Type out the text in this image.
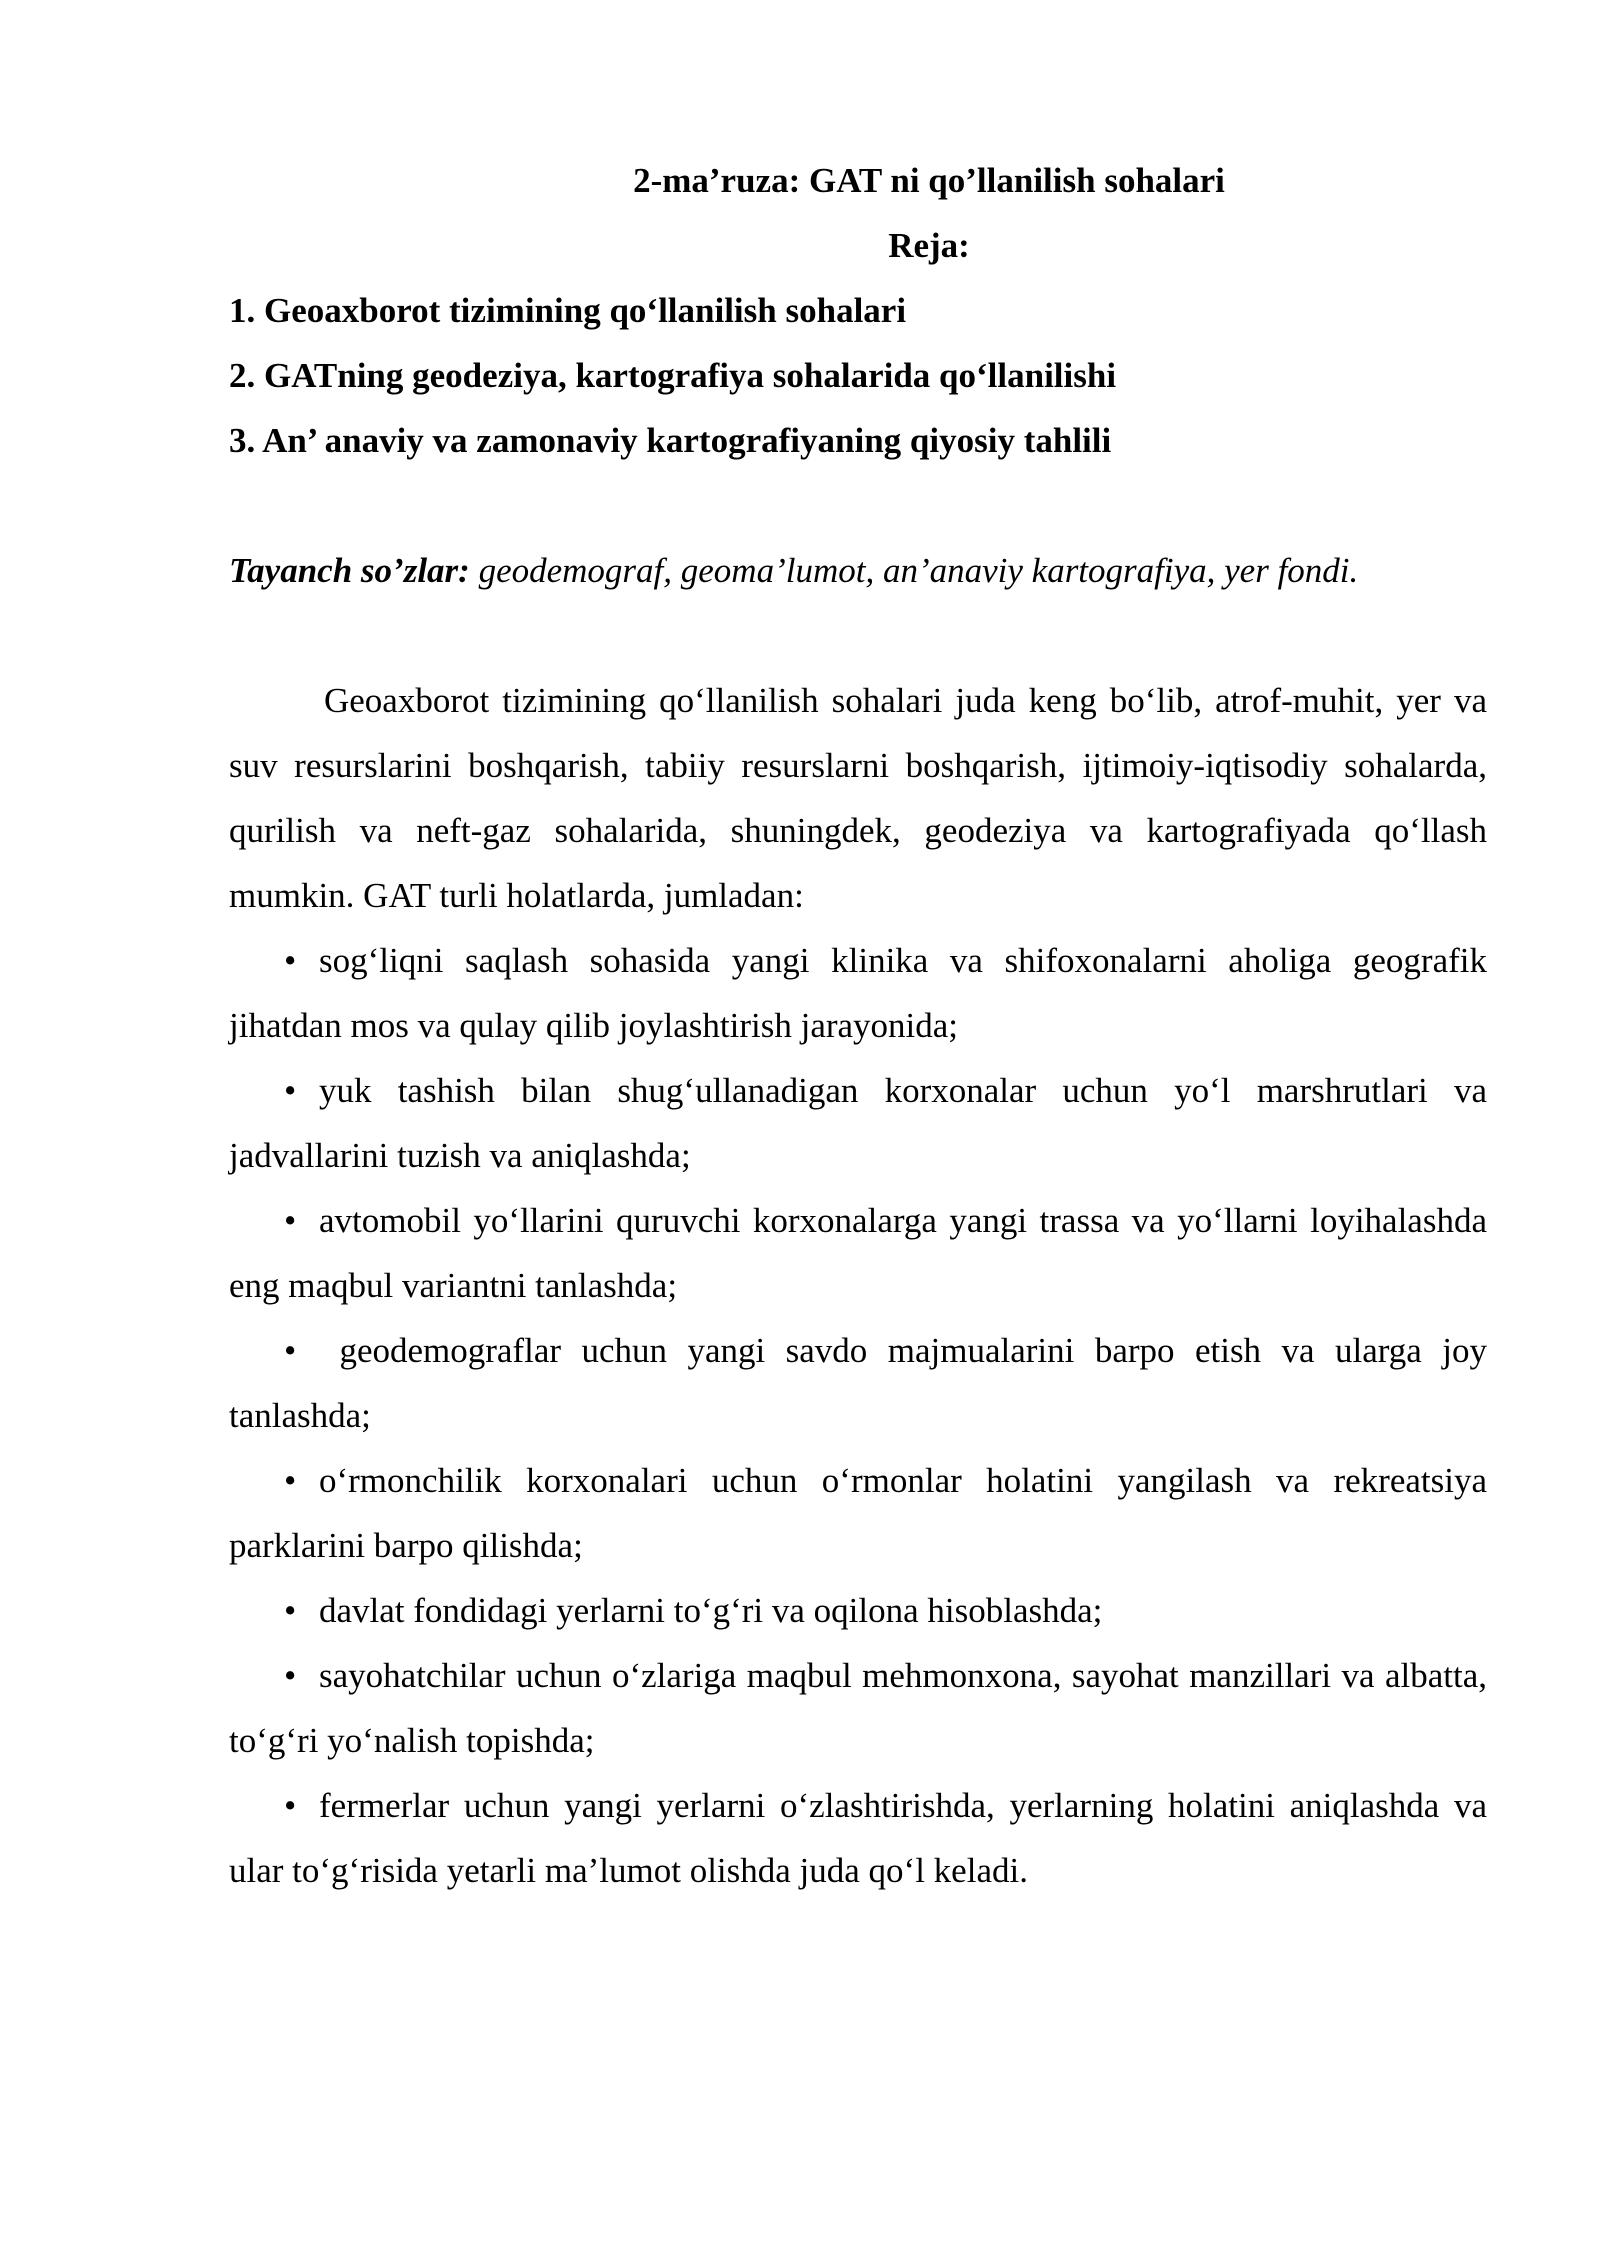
2-ma’ruza: GAT ni qo’llanilish sohalari

Reja:

1. Geoaxborot tizimining qo‘llanilish sohalari

2. GATning geodeziya, kartografiya sohalarida qo‘llanilishi

3. An’ anaviy va zamonaviy kartografiyaning qiyosiy tahlili

Tayanch so’zlar: geodemograf, geoma’lumot, an’anaviy kartografiya, yer fondi.

Geoaxborot tizimining qo‘llanilish sohalari juda keng bo‘lib, atrof-muhit, yer va suv resurslarini boshqarish, tabiiy resurslarni boshqarish, ijtimoiy-iqtisodiy sohalarda, qurilish va neft-gaz sohalarida, shuningdek, geodeziya va kartografiyada qo‘llash mumkin. GAT turli holatlarda, jumladan:

• sog‘liqni saqlash sohasida yangi klinika va shifoxonalarni aholiga geografik jihatdan mos va qulay qilib joylashtirish jarayonida;

• yuk tashish bilan shug‘ullanadigan korxonalar uchun yo‘l marshrutlari va jadvallarini tuzish va aniqlashda;

• avtomobil yo‘llarini quruvchi korxonalarga yangi trassa va yo‘llarni loyihalashda eng maqbul variantni tanlashda;

• geodemograflar uchun yangi savdo majmualarini barpo etish va ularga joy tanlashda;

• o‘rmonchilik korxonalari uchun o‘rmonlar holatini yangilash va rekreatsiya parklarini barpo qilishda;

• davlat fondidagi yerlarni to‘g‘ri va oqilona hisoblashda;

• sayohatchilar uchun o‘zlariga maqbul mehmonxona, sayohat manzillari va albatta, to‘g‘ri yo‘nalish topishda;

• fermerlar uchun yangi yerlarni o‘zlashtirishda, yerlarning holatini aniqlashda va ular to‘g‘risida yetarli ma’lumot olishda juda qo‘l keladi.
